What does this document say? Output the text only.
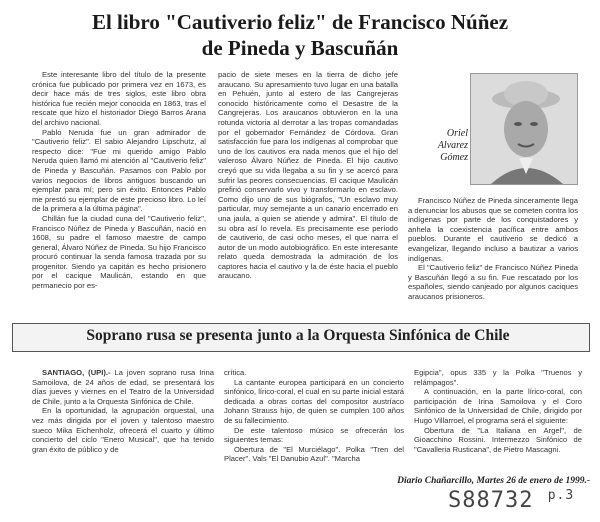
El libro "Cautiverio feliz" de Francisco Núñez
de Pineda y Bascuñán

Este interesante libro del título de la presente crónica fue publicado por primera vez en 1673, es decir hace más de tres siglos, este libro obra histórica fue recién mejor conocida en 1863, tras el rescate que hizo el historiador Diego Barros Arana del archivo nacional.

Pablo Neruda fue un gran admirador de "Cautiverio feliz". El sabio Alejandro Lipschutz, al respecto dice: "Fue mi querido amigo Pablo Neruda quien llamó mi atención al "Cautiverio feliz" de Pineda y Bascuñán. Pasamos con Pablo por varios negocios de libros antiguos buscando un ejemplar para mí; pero sin éxito. Entonces Pablo me prestó su ejemplar de este precioso libro. Lo leí de la primera a la última página".

Chillán fue la ciudad cuna del "Cautiverio feliz", Francisco Núñez de Pineda y Bascuñán, nació en 1608, su padre el famoso maestre de campo general, Álvaro Núñez de Pineda. Su hijo Francisco procuró continuar la senda famosa trazada por su progenitor. Siendo ya capitán es hecho prisionero por el cacique Maulicán, estando en que permanecio por es-

pacio de siete meses en la tierra de dicho jefe araucano. Su apresamiento tuvo lugar en una batalla en Pehuén, junto al estero de las Cangrejeras conocido históricamente como el Desastre de la Cangrejeras. Los araucanos obtuvieron en la una rotunda victoria al derrotar a las tropas comandadas por el gobernador Fernández de Córdova. Gran satisfacción fue para los indígenas al comprobar que uno de los cautivos era nada menos que el hijo del valeroso Álvaro Núñez de Pineda. El hijo cautivo creyó que su vida llegaba a su fin y se acercó para sufrir las peores consecuencias. El cacique Maulicán prefirió conservarlo vivo y transformarlo en esclavo. Como dijo uno de sus biógrafos, "Un esclavo muy particular, muy semejante a un canario encerrado en una jaula, a quien se atiende y admira". El título de su obra así lo revela. Es precisamente ese período de cautiverio, de casi ocho meses, el que narra el autor de un modo autobiográfico. En este interesante relato queda demostrada la admiración de los captores hacia el cautivo y la de éste hacia el pueblo araucano.

Oriel
Alvarez
Gómez

Francisco Núñez de Pineda sinceramente llega a denunciar los abusos que se cometen contra los indígenas por parte de los conquistadores y anhela la coexistencia pacífica entre ambos pueblos. Durante el cautiverio se dedicó a evangelizar, llegando incluso a bautizar a varios indígenas.

El "Cautiverio feliz" de Francisco Núñez Pineda y Bascuñán llegó a su fin. Fue rescatado por los españoles, siendo canjeado por algunos caciques araucanos prisioneros.

Soprano rusa se presenta junto a la Orquesta Sinfónica de Chile

SANTIAGO, (UPI).- La joven soprano rusa Irina Samoilova, de 24 años de edad, se presentará los días jueves y viernes en el Teatro de la Universidad de Chile, junto a la Orquesta Sinfónica de Chile.

En la oportunidad, la agrupación orquestal, una vez más dirigida por el joven y talentoso maestro sueco Mika Eichenholz, ofrecerá el cuarto y último concierto del ciclo "Enero Musical", que ha tenido gran éxito de público y de

crítica.

La cantante europea participará en un concierto sinfónico, lírico-coral, el cual en su parte inicial estará dedicada a obras cortas del compositor austríaco Johann Strauss hijo, de quien se cumplen 100 años de su fallecimiento.

De este talentoso músico se ofrecerán los siguientes temas:

Obertura de "El Murciélago". Polka "Tren del Placer". Vals "El Danubio Azul". "Marcha

Egipcia", opus 335 y la Polka "Truenos y relámpagos".

A continuación, en la parte lírico-coral, con participación de Irina Samoilova y el Coro Sinfónico de la Universidad de Chile, dirigido por Hugo Villarroel, el programa será el siguiente:

Obertura de "La Italiana en Argel", de Gioacchino Rossini. Intermezzo Sinfónico de "Cavalleria Rusticana", de Pietro Mascagni.

Diario Chañarcillo, Martes 26 de enero de 1999.-
S88732 $^{p.3}$
